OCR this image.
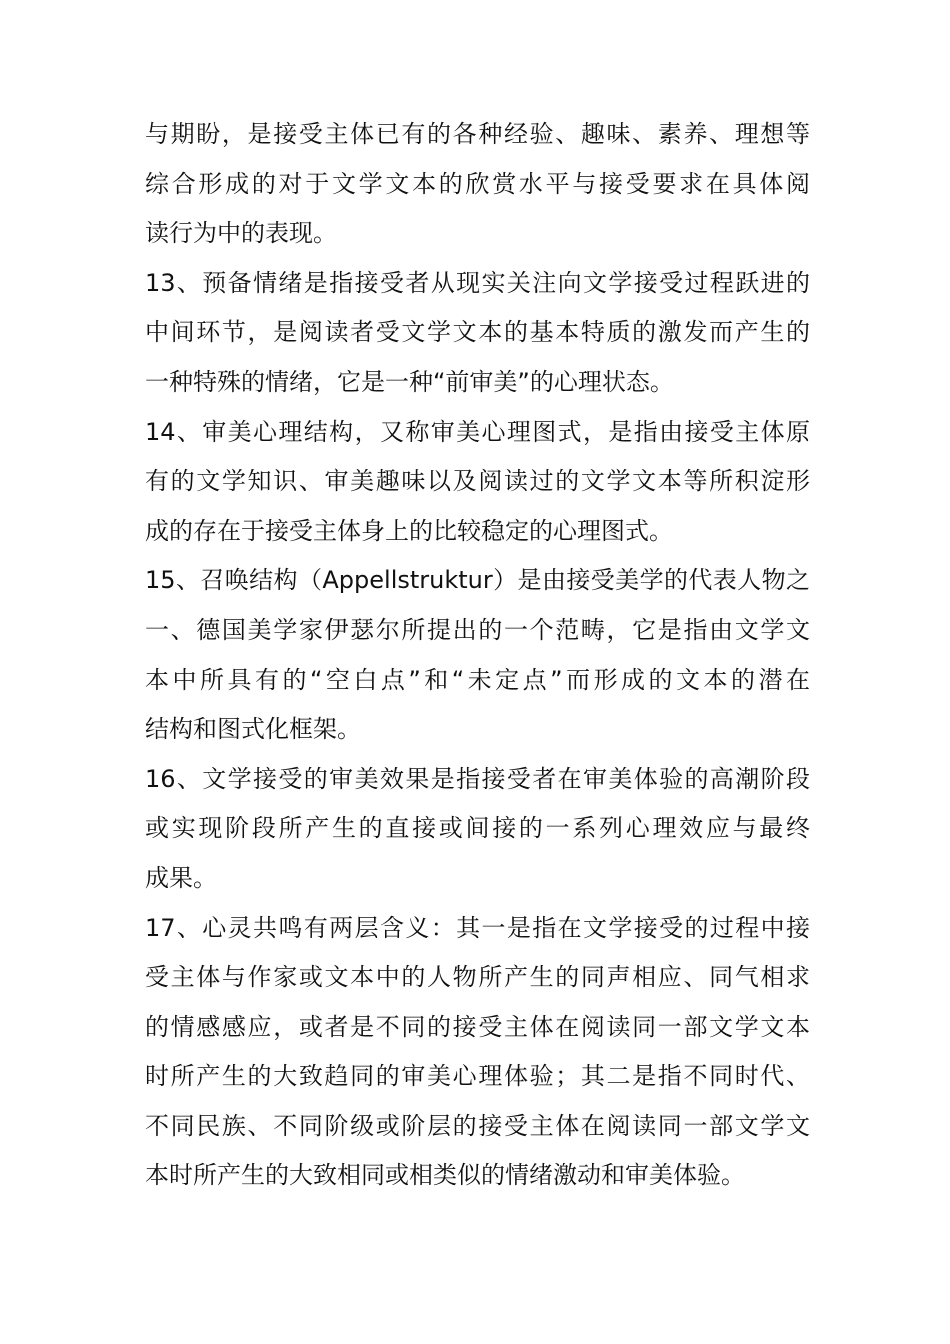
与期盼，是接受主体已有的各种经验、趣味、素养、理想等
综合形成的对于文学文本的欣赏水平与接受要求在具体阅
读行为中的表现。
13、预备情绪是指接受者从现实关注向文学接受过程跃进的
中间环节，是阅读者受文学文本的基本特质的激发而产生的
一种特殊的情绪，它是一种“前审美”的心理状态。
14、审美心理结构，又称审美心理图式，是指由接受主体原
有的文学知识、审美趣味以及阅读过的文学文本等所积淀形
成的存在于接受主体身上的比较稳定的心理图式。
15、召唤结构（Appellstruktur）是由接受美学的代表人物之
一、德国美学家伊瑟尔所提出的一个范畴，它是指由文学文
本中所具有的“空白点”和“未定点”而形成的文本的潜在
结构和图式化框架。
16、文学接受的审美效果是指接受者在审美体验的高潮阶段
或实现阶段所产生的直接或间接的一系列心理效应与最终
成果。
17、心灵共鸣有两层含义：其一是指在文学接受的过程中接
受主体与作家或文本中的人物所产生的同声相应、同气相求
的情感感应，或者是不同的接受主体在阅读同一部文学文本
时所产生的大致趋同的审美心理体验；其二是指不同时代、
不同民族、不同阶级或阶层的接受主体在阅读同一部文学文
本时所产生的大致相同或相类似的情绪激动和审美体验。
